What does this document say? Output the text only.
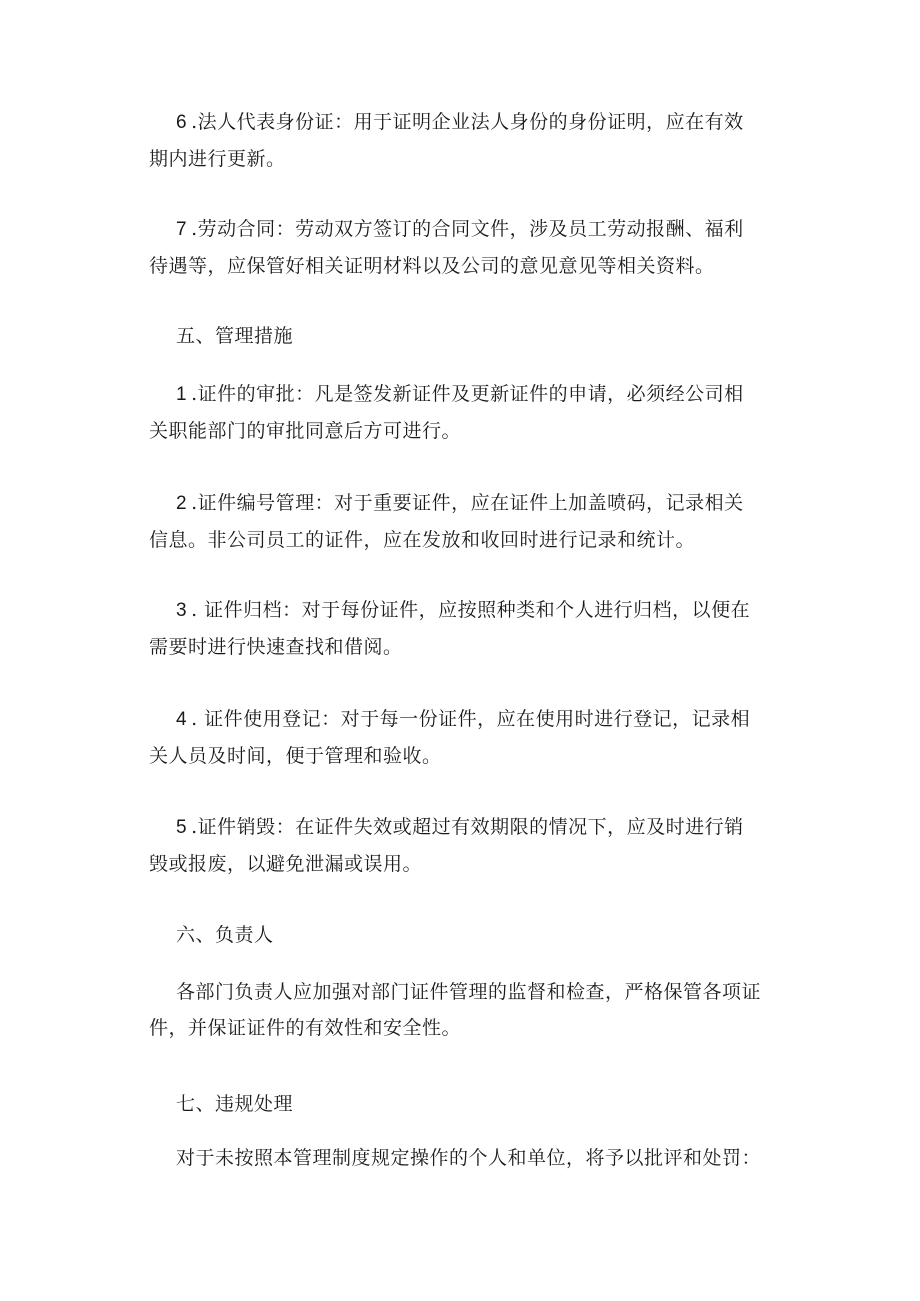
6 .法人代表身份证：用于证明企业法人身份的身份证明，应在有效
期内进行更新。
7 .劳动合同：劳动双方签订的合同文件，涉及员工劳动报酬、福利
待遇等，应保管好相关证明材料以及公司的意见意见等相关资料。
五、管理措施
1 .证件的审批：凡是签发新证件及更新证件的申请，必须经公司相
关职能部门的审批同意后方可进行。
2 .证件编号管理：对于重要证件，应在证件上加盖喷码，记录相关
信息。非公司员工的证件，应在发放和收回时进行记录和统计。
3 . 证件归档：对于每份证件，应按照种类和个人进行归档，以便在
需要时进行快速查找和借阅。
4 . 证件使用登记：对于每一份证件，应在使用时进行登记，记录相
关人员及时间，便于管理和验收。
5 .证件销毁：在证件失效或超过有效期限的情况下，应及时进行销
毁或报废，以避免泄漏或误用。
六、负责人
各部门负责人应加强对部门证件管理的监督和检查，严格保管各项证
件，并保证证件的有效性和安全性。
七、违规处理
对于未按照本管理制度规定操作的个人和单位，将予以批评和处罚：
